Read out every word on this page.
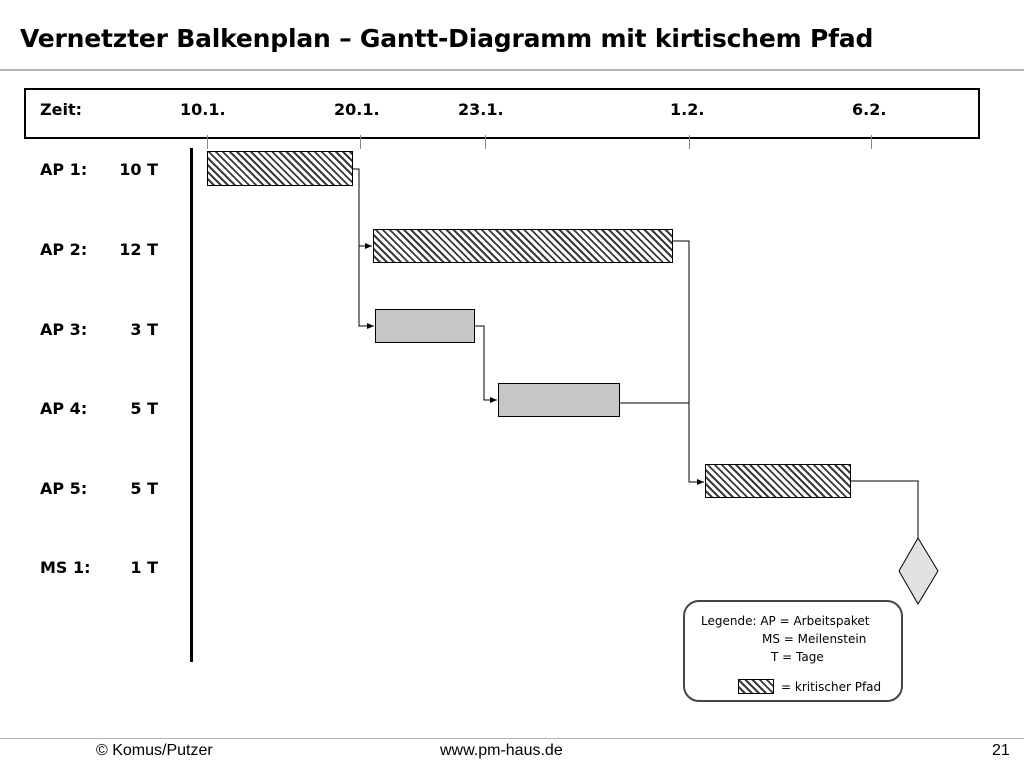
Vernetzter Balkenplan – Gantt-Diagramm mit kirtischem Pfad
Zeit:	10.1.	20.1.	23.1.	1.2.	6.2.
AP 1:	10 T
AP 2:	12 T
AP 3:	3 T
AP 4:	5 T
AP 5:	5 T
MS 1:	1 T
Legende: AP = Arbeitspaket
MS = Meilenstein
T = Tage
= kritischer Pfad
© Komus/Putzer	www.pm-haus.de	21
